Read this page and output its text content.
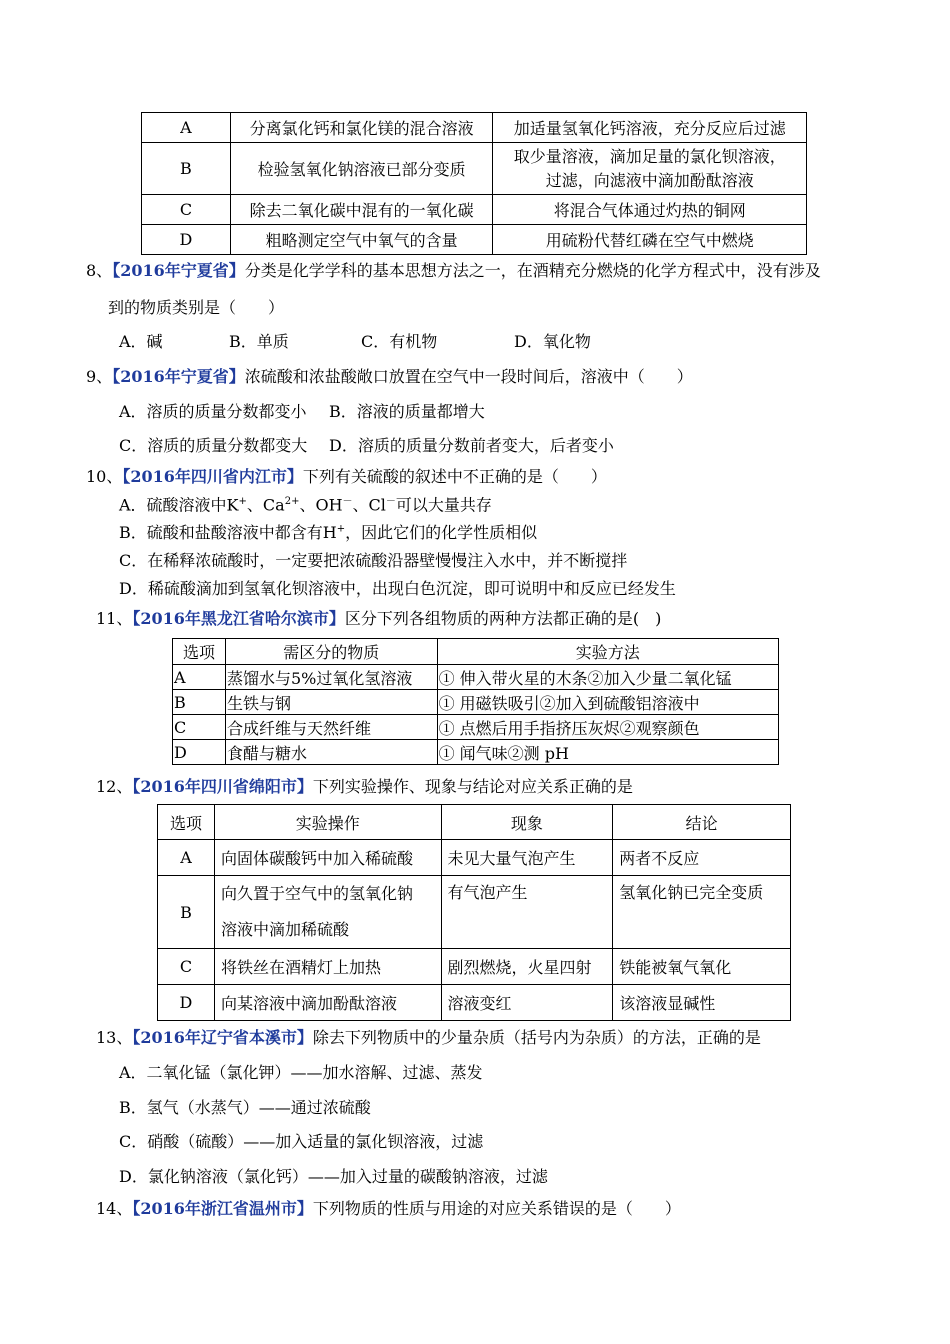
A	分离氯化钙和氯化镁的混合溶液	加适量氢氧化钙溶液，充分反应后过滤
B	检验氢氧化钠溶液已部分变质	取少量溶液，滴加足量的氯化钡溶液，
过滤，向滤液中滴加酚酞溶液

C	除去二氧化碳中混有的一氧化碳	将混合气体通过灼热的铜网
D	粗略测定空气中氧气的含量	用硫粉代替红磷在空气中燃烧
8、【2016年宁夏省】分类是化学学科的基本思想方法之一，在酒精充分燃烧的化学方程式中，没有涉及
到的物质类别是（　　）
A．碱	B．单质	C．有机物	D．氧化物
9、【2016年宁夏省】浓硫酸和浓盐酸敞口放置在空气中一段时间后，溶液中（　　）
A．溶质的质量分数都变小 B．溶液的质量都增大
C．溶质的质量分数都变大 D．溶质的质量分数前者变大，后者变小
10、【2016年四川省内江市】下列有关硫酸的叙述中不正确的是（　　）
A．硫酸溶液中K+、$Ca^{2+}$、OH－、Cl－可以大量共存
B．硫酸和盐酸溶液中都含有H+，因此它们的化学性质相似
C．在稀释浓硫酸时，一定要把浓硫酸沿器壁慢慢注入水中，并不断搅拌
D．稀硫酸滴加到氢氧化钡溶液中，出现白色沉淀，即可说明中和反应已经发生
11、【2016年黑龙江省哈尔滨市】区分下列各组物质的两种方法都正确的是(　)
选项	需区分的物质	实验方法
A	蒸馏水与5%过氧化氢溶液	① 伸入带火星的木条②加入少量二氧化锰
B	生铁与钢	① 用磁铁吸引②加入到硫酸铝溶液中
C	合成纤维与天然纤维	① 点燃后用手指挤压灰烬②观察颜色
D	食醋与糖水	① 闻气味②测 pH
12、【2016年四川省绵阳市】下列实验操作、现象与结论对应关系正确的是
选项	实验操作	现象	结论
A	向固体碳酸钙中加入稀硫酸	未见大量气泡产生	两者不反应
B	向久置于空气中的氢氧化钠
溶液中滴加稀硫酸	有气泡产生	氢氧化钠已完全变质
C	将铁丝在酒精灯上加热	剧烈燃烧，火星四射	铁能被氧气氧化
D	向某溶液中滴加酚酞溶液	溶液变红	该溶液显碱性
13、【2016年辽宁省本溪市】除去下列物质中的少量杂质（括号内为杂质）的方法，正确的是
A．二氧化锰（氯化钾）——加水溶解、过滤、蒸发
B．氢气（水蒸气）——通过浓硫酸
C．硝酸（硫酸）——加入适量的氯化钡溶液，过滤
D．氯化钠溶液（氯化钙）——加入过量的碳酸钠溶液，过滤
14、【2016年浙江省温州市】下列物质的性质与用途的对应关系错误的是（　　）
